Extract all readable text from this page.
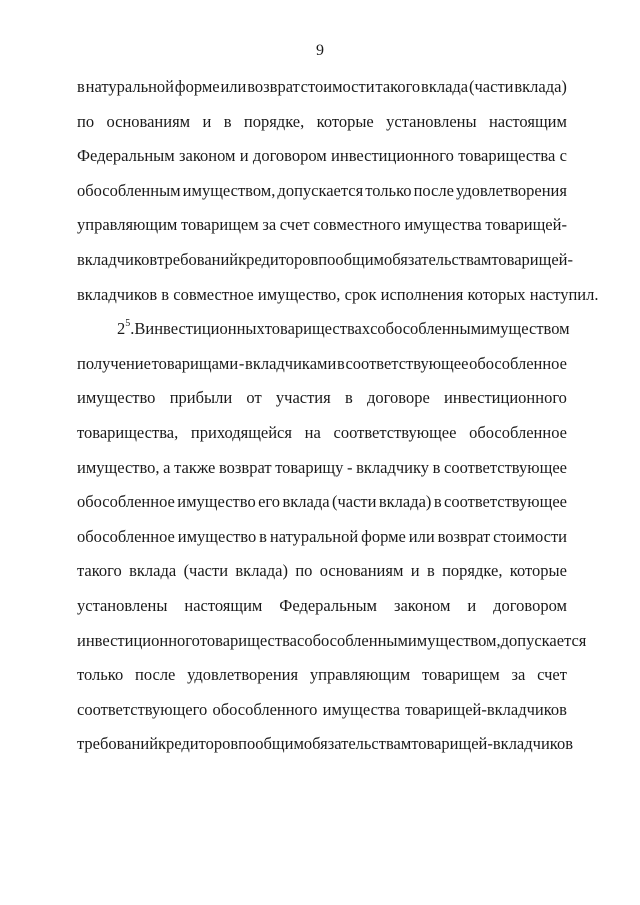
9
в натуральной форме или возврат стоимости такого вклада (части вклада)
по основаниям и в порядке, которые установлены настоящим
Федеральным законом и договором инвестиционного товарищества с
обособленным имуществом, допускается только после удовлетворения
управляющим товарищем за счет совместного имущества товарищей-
вкладчиков требований кредиторов по общим обязательствам товарищей -
вкладчиков в совместное имущество, срок исполнения которых наступил.
2$^5$. В инвестиционных товариществах с обособленным имуществом
получение товарищами - вкладчиками в соответствующее обособленное
имущество прибыли от участия в договоре инвестиционного
товарищества, приходящейся на соответствующее обособленное
имущество, а также возврат товарищу - вкладчику в соответствующее
обособленное имущество его вклада (части вклада) в соответствующее
обособленное имущество в натуральной форме или возврат стоимости
такого вклада (части вклада) по основаниям и в порядке, которые
установлены настоящим Федеральным законом и договором
инвестиционного товарищества с обособленным имуществом, допускается
только после удовлетворения управляющим товарищем за счет
соответствующего обособленного имущества товарищей-вкладчиков
требований кредиторов по общим обязательствам товарищей - вкладчиков
